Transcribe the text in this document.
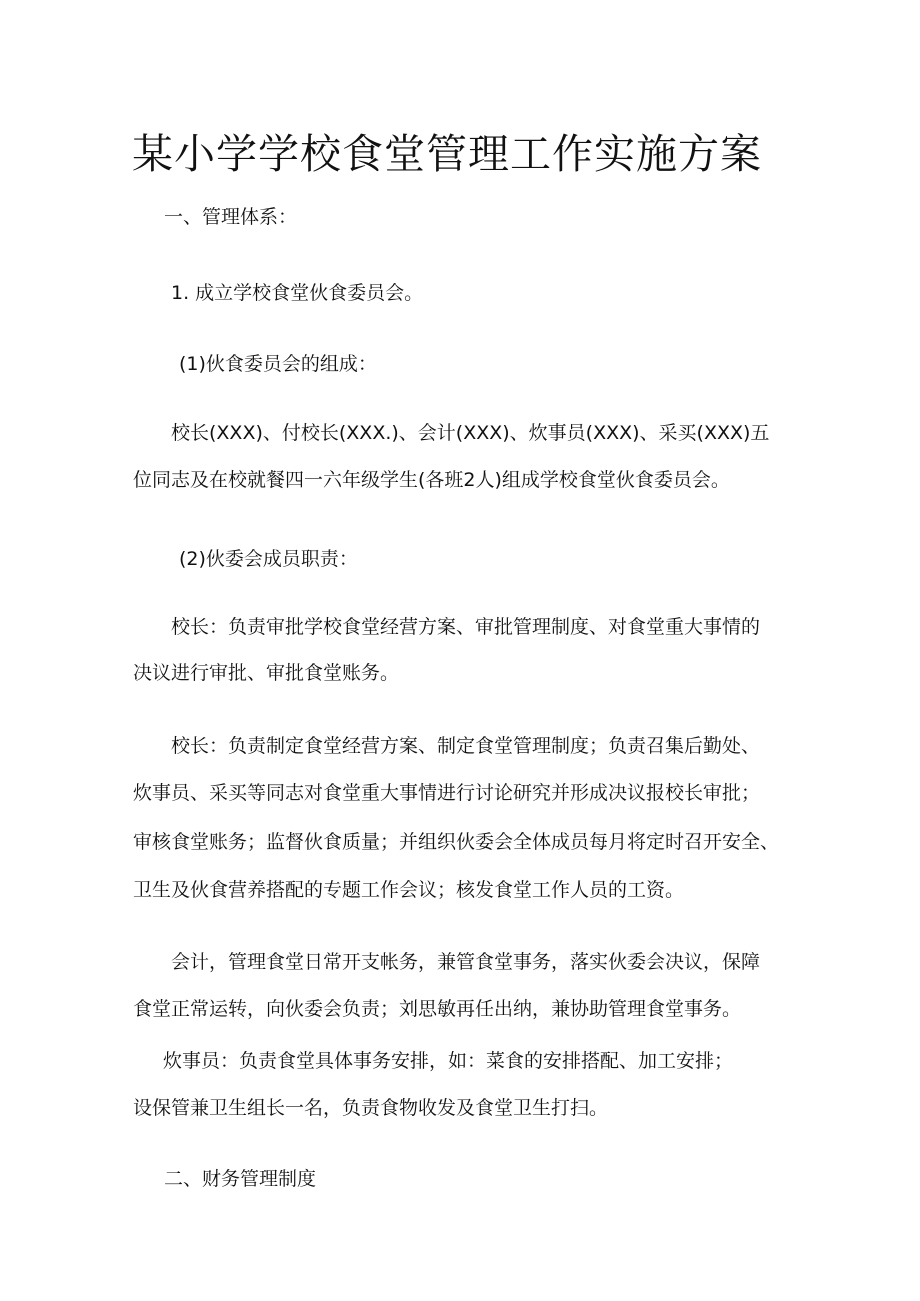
某小学学校食堂管理工作实施方案
一、管理体系：
1. 成立学校食堂伙食委员会。
(1)伙食委员会的组成：
校长(XXX)、付校长(XXX.)、会计(XXX)、炊事员(XXX)、采买(XXX)五
位同志及在校就餐四一六年级学生(各班2人)组成学校食堂伙食委员会。
(2)伙委会成员职责：
校长：负责审批学校食堂经营方案、审批管理制度、对食堂重大事情的
决议进行审批、审批食堂账务。
校长：负责制定食堂经营方案、制定食堂管理制度；负责召集后勤处、
炊事员、采买等同志对食堂重大事情进行讨论研究并形成决议报校长审批；
审核食堂账务；监督伙食质量；并组织伙委会全体成员每月将定时召开安全、
卫生及伙食营养搭配的专题工作会议；核发食堂工作人员的工资。
会计，管理食堂日常开支帐务，兼管食堂事务，落实伙委会决议，保障
食堂正常运转，向伙委会负责；刘思敏再任出纳，兼协助管理食堂事务。
炊事员：负责食堂具体事务安排，如：菜食的安排搭配、加工安排；
设保管兼卫生组长一名，负责食物收发及食堂卫生打扫。
二、财务管理制度
